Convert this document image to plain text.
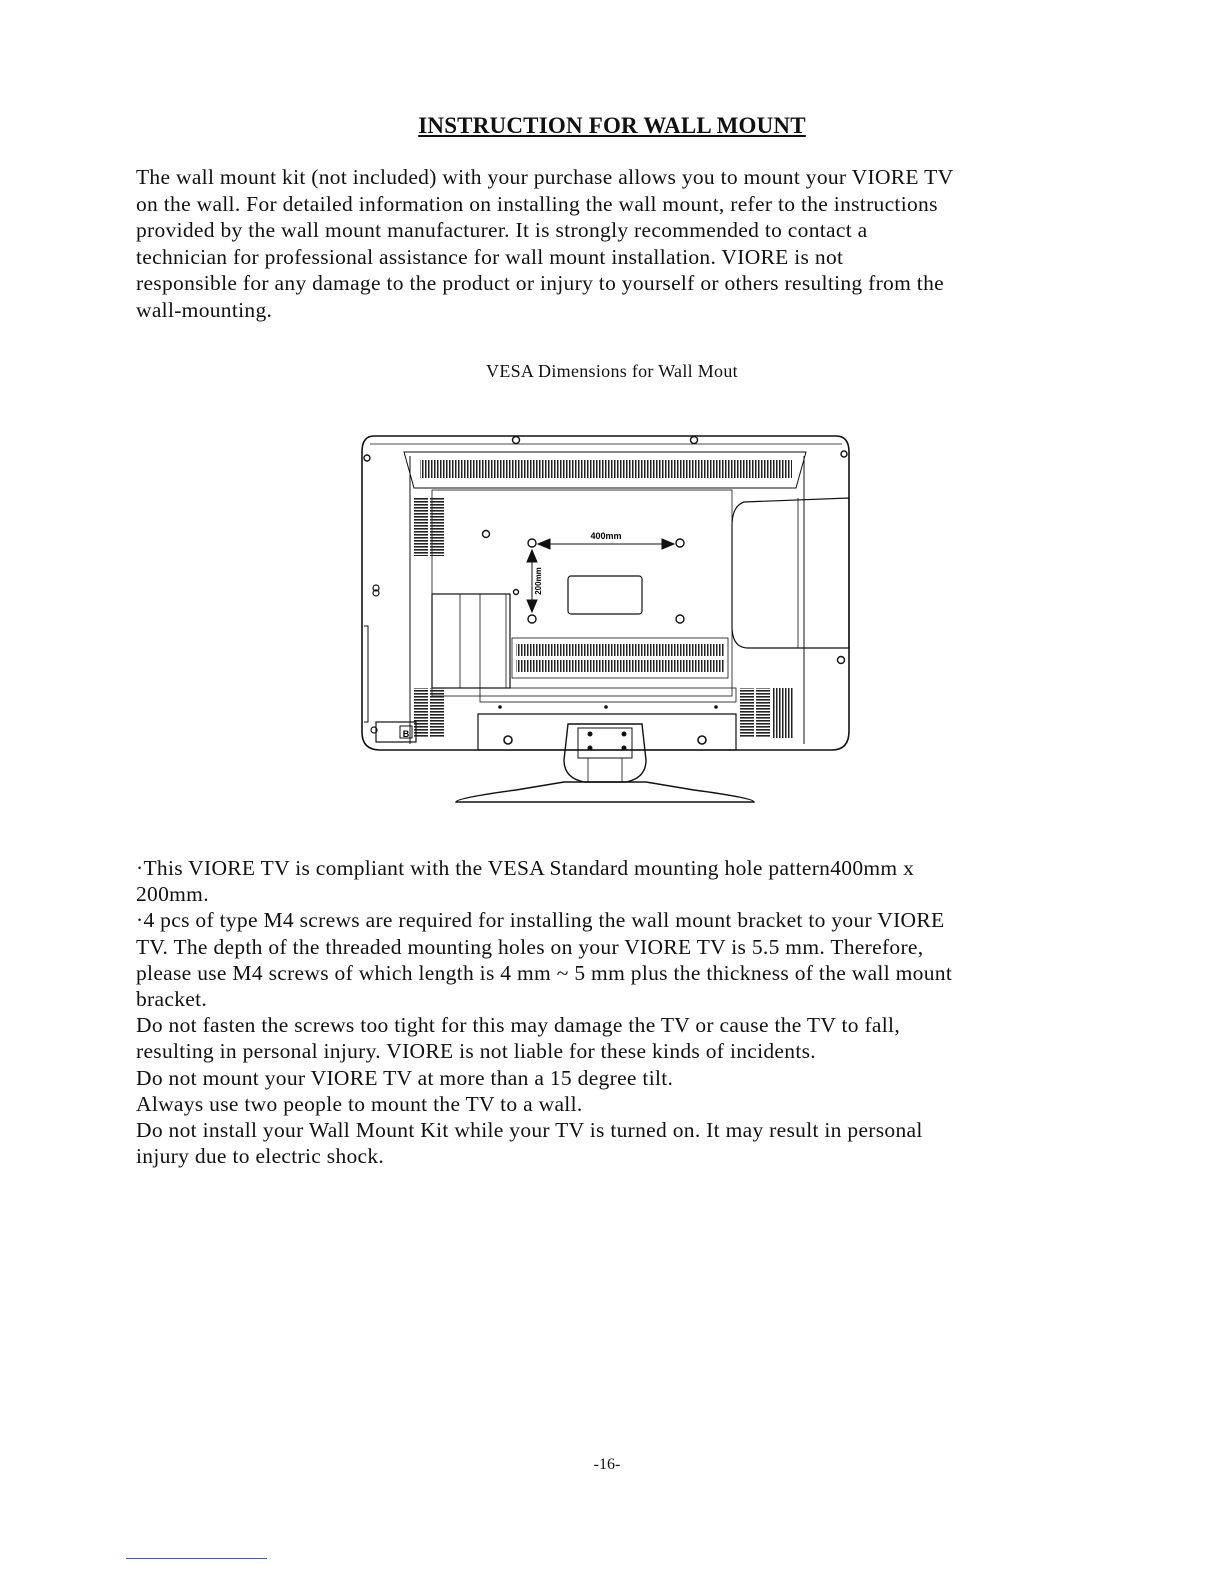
INSTRUCTION FOR WALL MOUNT
The wall mount kit (not included) with your purchase allows you to mount your VIORE TV
on the wall. For detailed information on installing the wall mount, refer to the instructions
provided by the wall mount manufacturer. It is strongly recommended to contact a
technician for professional assistance for wall mount installation. VIORE is not
responsible for any damage to the product or injury to yourself or others resulting from the
wall-mounting.
VESA Dimensions for Wall Mout
400mm
200mm
B
·This VIORE TV is compliant with the VESA Standard mounting hole pattern400mm x
200mm.
·4 pcs of type M4 screws are required for installing the wall mount bracket to your VIORE
TV. The depth of the threaded mounting holes on your VIORE TV is 5.5 mm. Therefore,
please use M4 screws of which length is 4 mm ~ 5 mm plus the thickness of the wall mount
bracket.
Do not fasten the screws too tight for this may damage the TV or cause the TV to fall,
resulting in personal injury. VIORE is not liable for these kinds of incidents.
Do not mount your VIORE TV at more than a 15 degree tilt.
Always use two people to mount the TV to a wall.
Do not install your Wall Mount Kit while your TV is turned on. It may result in personal
injury due to electric shock.
-16-
